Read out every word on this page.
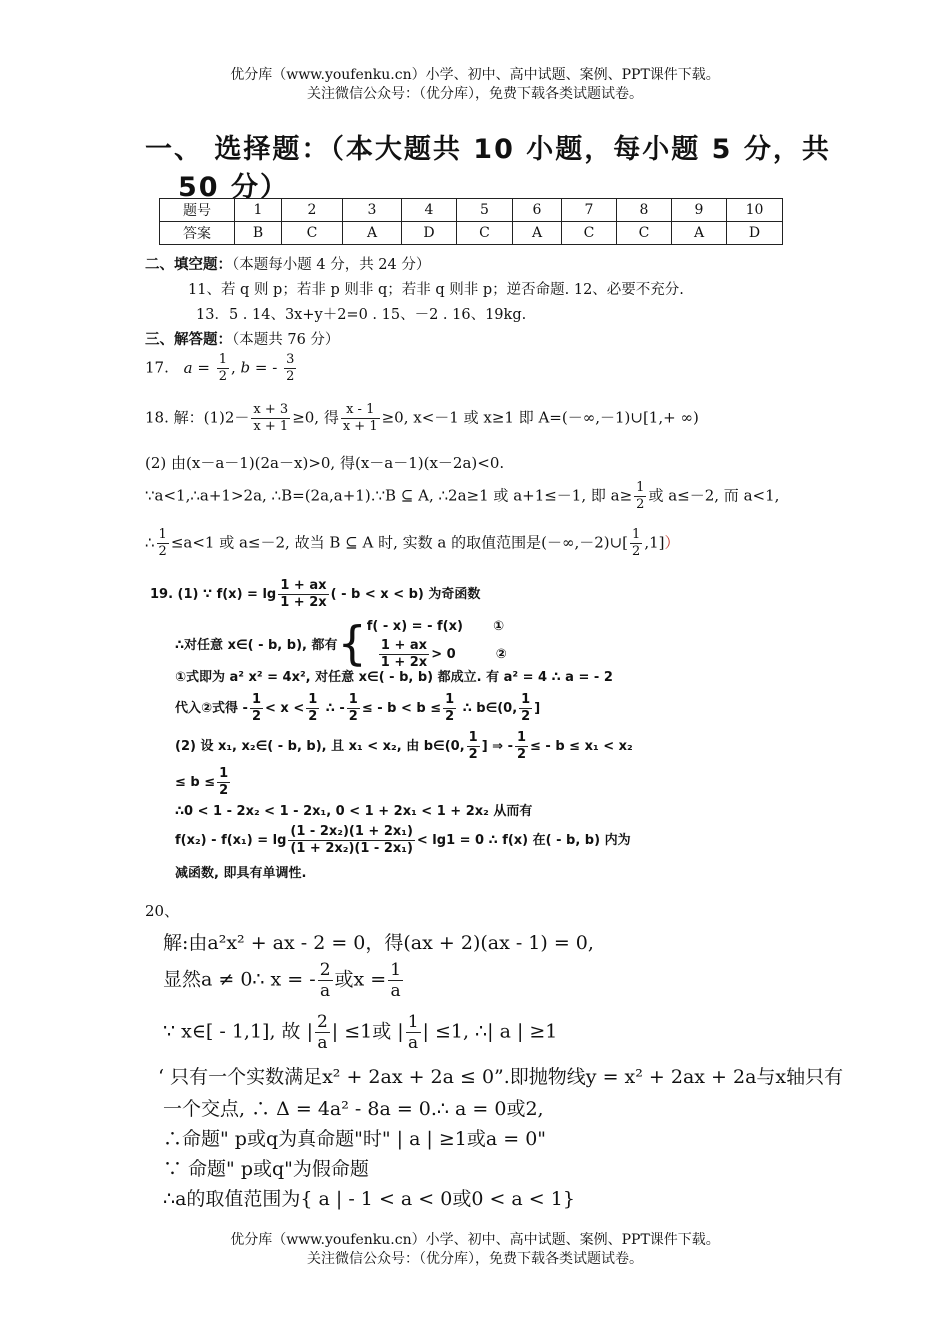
优分库（www.youfenku.cn）小学、初中、高中试题、案例、PPT课件下载。
关注微信公众号：（优分库），免费下载各类试题试卷。
一、 选择题：（本大题共 10 小题，每小题 5 分，共
50 分）
题号	1	2	3	4	5	6	7	8	9	10
答案	B	C	A	D	C	A	C	C	A	D
二、填空题：（本题每小题 4 分，共 24 分）
11、若 q 则 p；若非 p 则非 q；若非 q 则非 p；逆否命题. 12、必要不充分.
13．5 . 14、3x+y＋2=0 . 15、－2 . 16、19kg.
三、解答题：（本题共 76 分）
17. $a = \frac{1}{2}$ , b = - $\frac{3}{2}$
18. 解：$(1)2- \frac{x + 3}{x + 1} \ge 0$, 得 $\frac{x - 1}{x + 1} \ge 0$, x<－1 或 x≥1 即 A=(－∞,－1)∪[1,+ ∞)
(2) 由(x－a－1)(2a－x)>0, 得(x－a－1)(x－2a)<0.
∵a<1,∴a+1>2a, ∴B=(2a,a+1).∵B ⊆ A, ∴2a≥1 或 a+1≤－1, 即 $a\ge \frac{1}{2}$ 或 a≤－2, 而 a<1,
∴ $\frac{1}{2} \le a<1$ 或 a≤－2, 故当 B ⊆ A 时, 实数 a 的取值范围是(－∞,－2)∪[ $\frac{1}{2} ,1$]）
19. (1) ∵ $f(x) = \lg \frac{1 + ax}{1 + 2x}$ ( - b < x < b) 为奇函数
∴对任意 x∈( - b, b), 都有{ f( - x) = - f(x) ①
$\frac{1 + ax}{1 + 2x} > 0$	②
①式即为 a² x² = 4x², 对任意 x∈( - b, b) 都成立. 有 a² = 4 ∴ a = - 2
代入②式得 - $\frac{1}{2} < x < \frac{1}{2}$ ∴ - $\frac{1}{2}$ ≤ - $b < b \le \frac{1}{2}$ ∴ b∈(0, $\frac{1}{2}$ ]
(2) 设 x₁, x₂∈( - b, b), 且 x₁ < x₂, 由 b∈(0, $\frac{1}{2}$ ] ⇒ - $\frac{1}{2}$ ≤ - b ≤ x₁ < x₂
≤ $b \le \frac{1}{2}$
∴0 < 1 - 2x₂ < 1 - 2x₁, 0 < 1 + 2x₁ < 1 + 2x₂ 从而有
$f(x_2) - f(x_1) = \lg \frac{\text{(1 - 2x₂)(1 + 2x₁)}}{\text{(1 + 2x₂)(1 - 2x₁)}} < \lg 1 = 0$ ∴ f(x) 在( - b, b) 内为
减函数, 即具有单调性.
20、
解:由a²x² + ax - 2 = 0，得(ax + 2)(ax - 1) = 0,
显然a ≠ 0∴ x = - $\frac{2}{a}$ 或$x = \frac{1}{a}$
∵ x∈[ - 1,1], 故 | $\frac{2}{a}$ | ≤1或 | $\frac{1}{a}$ | ≤1, ∴| a | ≥1
‘ 只有一个实数满足x² + 2ax + 2a ≤ 0”.即抛物线y = x² + 2ax + 2a与x轴只有
一个交点, ∴ Δ = 4a² - 8a = 0.∴ a = 0或2,
∴命题" p或q为真命题"时" | a | ≥1或a = 0"
∵ 命题" p或q"为假命题
∴a的取值范围为{ a | - 1 < a < 0或0 < a < 1}
优分库（www.youfenku.cn）小学、初中、高中试题、案例、PPT课件下载。
关注微信公众号：（优分库），免费下载各类试题试卷。
